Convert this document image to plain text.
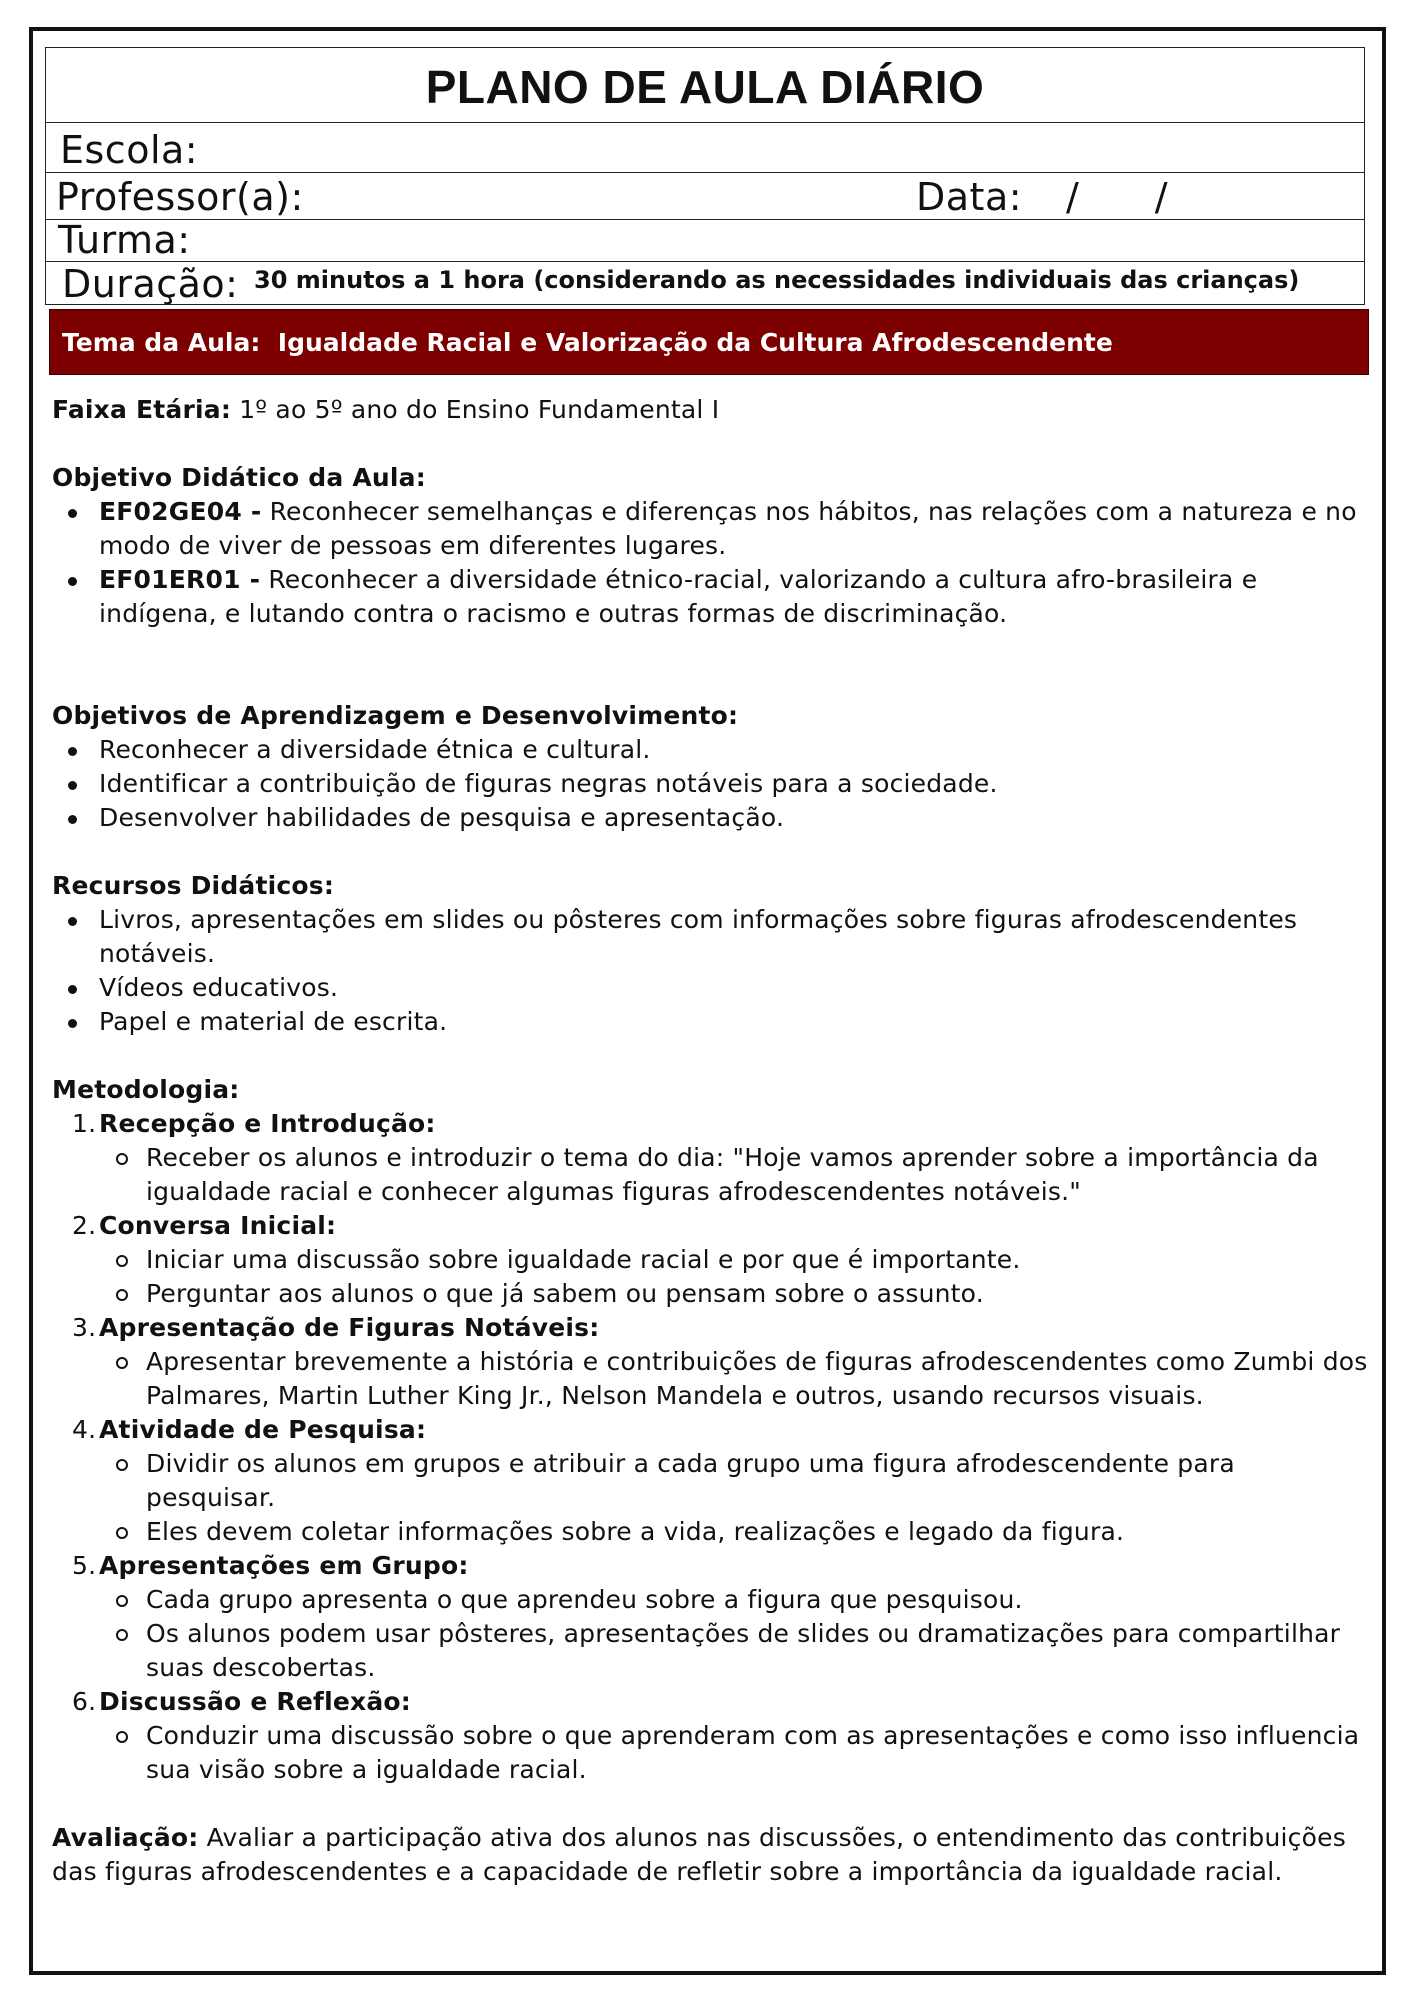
PLANO DE AULA DIÁRIO
Escola:
Professor(a):	Data: /      /
Turma:
Duração: 30 minutos a 1 hora (considerando as necessidades individuais das crianças)
Tema da Aula: Igualdade Racial e Valorização da Cultura Afrodescendente

Faixa Etária: 1º ao 5º ano do Ensino Fundamental I

Objetivo Didático da Aula:

EF02GE04 - Reconhecer semelhanças e diferenças nos hábitos, nas relações com a natureza e no modo de viver de pessoas em diferentes lugares.
EF01ER01 - Reconhecer a diversidade étnico-racial, valorizando a cultura afro-brasileira e indígena, e lutando contra o racismo e outras formas de discriminação.

Objetivos de Aprendizagem e Desenvolvimento:

Reconhecer a diversidade étnica e cultural.
Identificar a contribuição de figuras negras notáveis para a sociedade.
Desenvolver habilidades de pesquisa e apresentação.

Recursos Didáticos:

Livros, apresentações em slides ou pôsteres com informações sobre figuras afrodescendentes notáveis.
Vídeos educativos.
Papel e material de escrita.

Metodologia:

1. Recepção e Introdução:
Receber os alunos e introduzir o tema do dia: "Hoje vamos aprender sobre a importância da igualdade racial e conhecer algumas figuras afrodescendentes notáveis."
2. Conversa Inicial:
Iniciar uma discussão sobre igualdade racial e por que é importante.
Perguntar aos alunos o que já sabem ou pensam sobre o assunto.
3. Apresentação de Figuras Notáveis:
Apresentar brevemente a história e contribuições de figuras afrodescendentes como Zumbi dos Palmares, Martin Luther King Jr., Nelson Mandela e outros, usando recursos visuais.
4. Atividade de Pesquisa:
Dividir os alunos em grupos e atribuir a cada grupo uma figura afrodescendente para pesquisar.
Eles devem coletar informações sobre a vida, realizações e legado da figura.
5. Apresentações em Grupo:
Cada grupo apresenta o que aprendeu sobre a figura que pesquisou.
Os alunos podem usar pôsteres, apresentações de slides ou dramatizações para compartilhar suas descobertas.
6. Discussão e Reflexão:
Conduzir uma discussão sobre o que aprenderam com as apresentações e como isso influencia sua visão sobre a igualdade racial.

Avaliação: Avaliar a participação ativa dos alunos nas discussões, o entendimento das contribuições das figuras afrodescendentes e a capacidade de refletir sobre a importância da igualdade racial.
